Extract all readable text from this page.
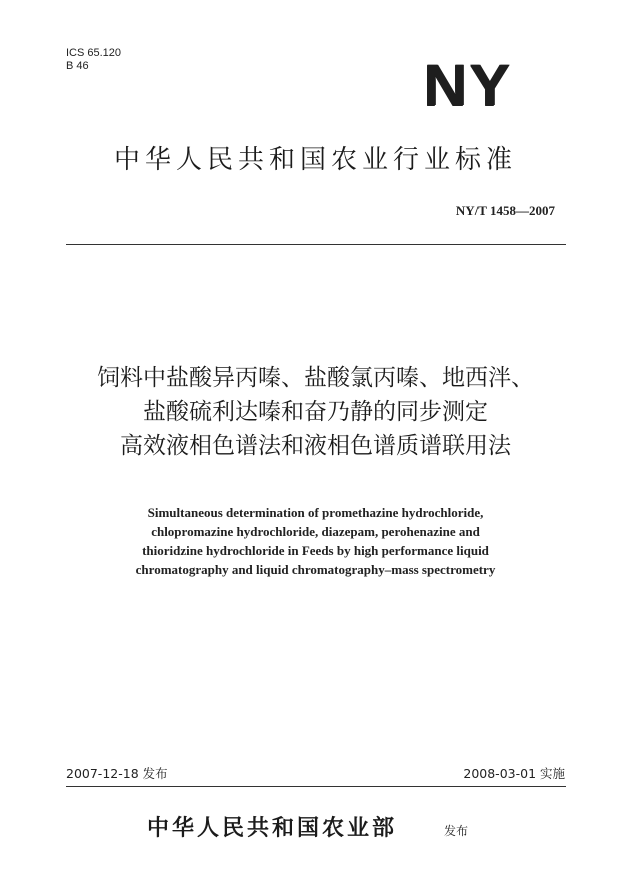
ICS 65.120
B 46	NY
中华人民共和国农业行业标准
NY/T 1458—2007
饲料中盐酸异丙嗪、盐酸氯丙嗪、地西泮、
盐酸硫利达嗪和奋乃静的同步测定
高效液相色谱法和液相色谱质谱联用法
Simultaneous determination of promethazine hydrochloride,
chlopromazine hydrochloride, diazepam, perohenazine and
thioridzine hydrochloride in Feeds by high performance liquid
chromatography and liquid chromatography–mass spectrometry
2007-12-18 发布	2008-03-01 实施
中华人民共和国农业部	发布
